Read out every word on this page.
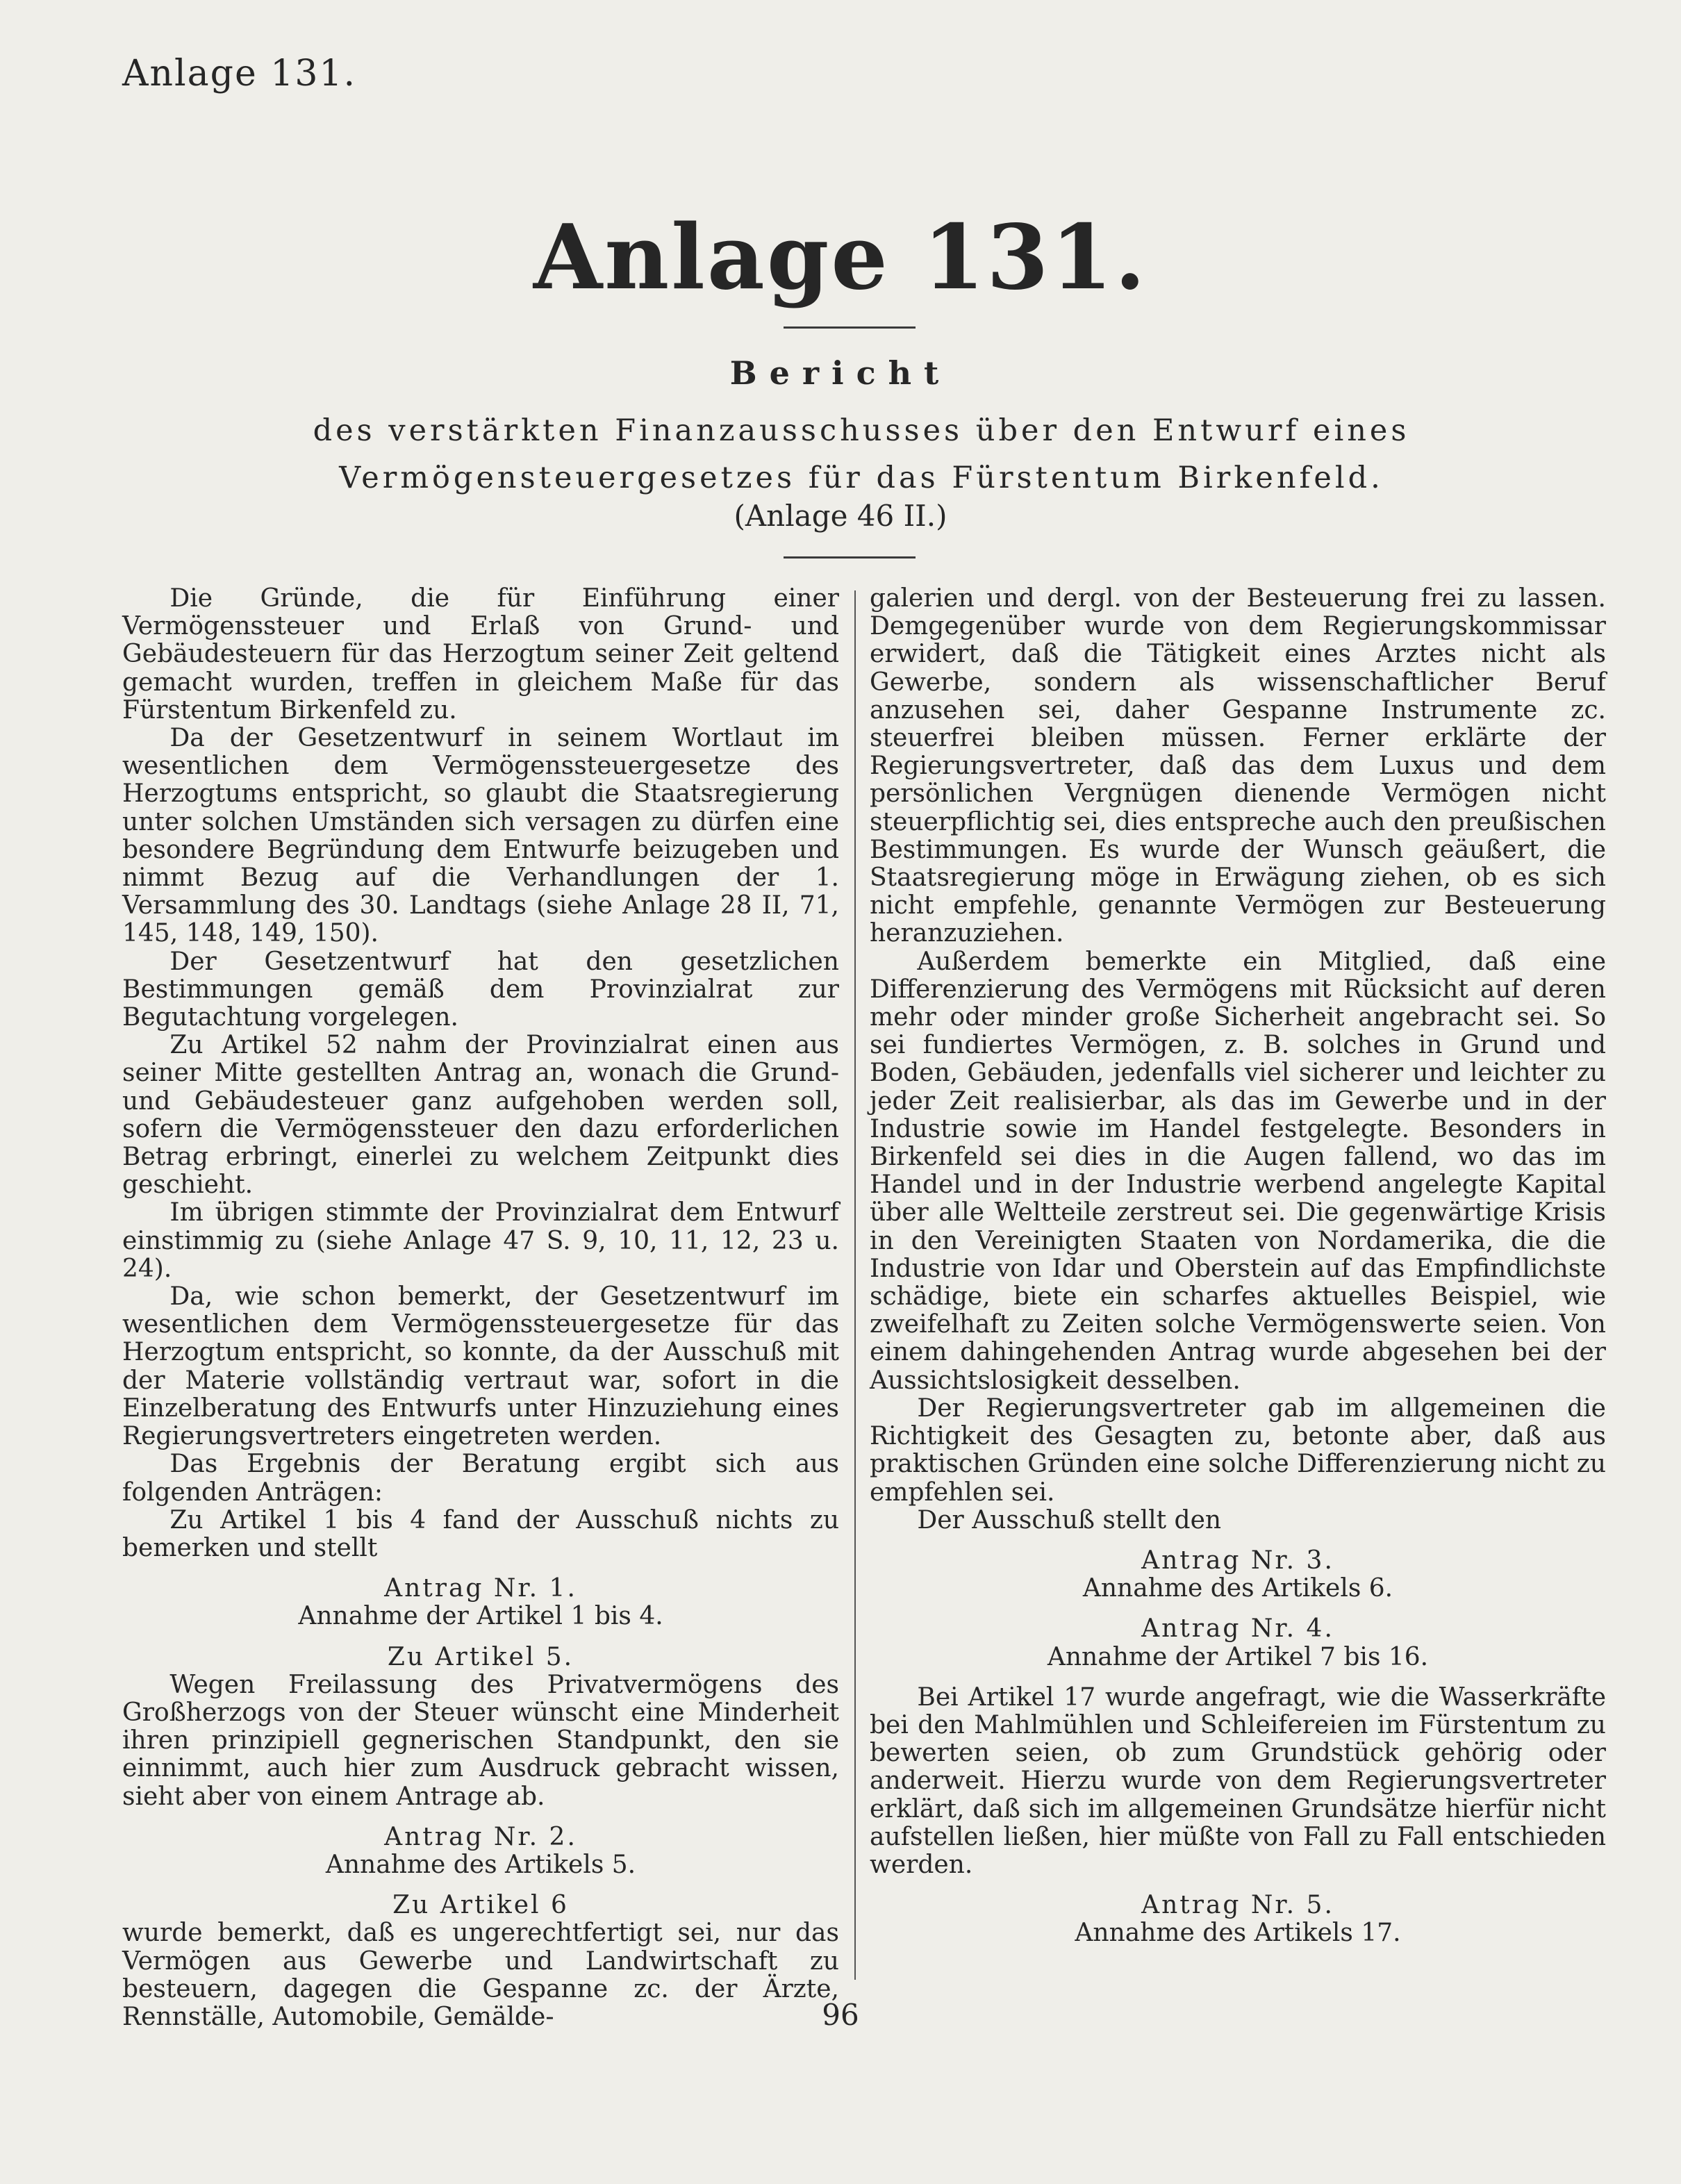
Anlage 131.
Anlage 131.
Bericht
des verstärkten Finanzausschusses über den Entwurf eines Vermögensteuergesetzes für das Fürstentum Birkenfeld.
(Anlage 46 II.)

Die Gründe, die für Einführung einer Vermögenssteuer und Erlaß von Grund- und Gebäudesteuern für das Herzogtum seiner Zeit geltend gemacht wurden, treffen in gleichem Maße für das Fürstentum Birkenfeld zu.

Da der Gesetzentwurf in seinem Wortlaut im wesentlichen dem Vermögenssteuergesetze des Herzogtums entspricht, so glaubt die Staatsregierung unter solchen Umständen sich versagen zu dürfen eine besondere Begründung dem Entwurfe beizugeben und nimmt Bezug auf die Verhandlungen der 1. Versammlung des 30. Landtags (siehe Anlage 28 II, 71, 145, 148, 149, 150).

Der Gesetzentwurf hat den gesetzlichen Bestimmungen gemäß dem Provinzialrat zur Begutachtung vorgelegen.

Zu Artikel 52 nahm der Provinzialrat einen aus seiner Mitte gestellten Antrag an, wonach die Grund- und Gebäudesteuer ganz aufgehoben werden soll, sofern die Vermögenssteuer den dazu erforderlichen Betrag erbringt, einerlei zu welchem Zeitpunkt dies geschieht.

Im übrigen stimmte der Provinzialrat dem Entwurf einstimmig zu (siehe Anlage 47 S. 9, 10, 11, 12, 23 u. 24).

Da, wie schon bemerkt, der Gesetzentwurf im wesentlichen dem Vermögenssteuergesetze für das Herzogtum entspricht, so konnte, da der Ausschuß mit der Materie vollständig vertraut war, sofort in die Einzelberatung des Entwurfs unter Hinzuziehung eines Regierungsvertreters eingetreten werden.

Das Ergebnis der Beratung ergibt sich aus folgenden Anträgen:

Zu Artikel 1 bis 4 fand der Ausschuß nichts zu bemerken und stellt

Antrag Nr. 1.

Annahme der Artikel 1 bis 4.

Zu Artikel 5.

Wegen Freilassung des Privatvermögens des Großherzogs von der Steuer wünscht eine Minderheit ihren prinzipiell gegnerischen Standpunkt, den sie einnimmt, auch hier zum Ausdruck gebracht wissen, sieht aber von einem Antrage ab.

Antrag Nr. 2.

Annahme des Artikels 5.

Zu Artikel 6

wurde bemerkt, daß es ungerechtfertigt sei, nur das Vermögen aus Gewerbe und Landwirtschaft zu besteuern, dagegen die Gespanne zc. der Ärzte, Rennställe, Automobile, Gemälde-

galerien und dergl. von der Besteuerung frei zu lassen. Demgegenüber wurde von dem Regierungskommissar erwidert, daß die Tätigkeit eines Arztes nicht als Gewerbe, sondern als wissenschaftlicher Beruf anzusehen sei, daher Gespanne Instrumente zc. steuerfrei bleiben müssen. Ferner erklärte der Regierungsvertreter, daß das dem Luxus und dem persönlichen Vergnügen dienende Vermögen nicht steuerpflichtig sei, dies entspreche auch den preußischen Bestimmungen. Es wurde der Wunsch geäußert, die Staatsregierung möge in Erwägung ziehen, ob es sich nicht empfehle, genannte Vermögen zur Besteuerung heranzuziehen.

Außerdem bemerkte ein Mitglied, daß eine Differenzierung des Vermögens mit Rücksicht auf deren mehr oder minder große Sicherheit angebracht sei. So sei fundiertes Vermögen, z. B. solches in Grund und Boden, Gebäuden, jedenfalls viel sicherer und leichter zu jeder Zeit realisierbar, als das im Gewerbe und in der Industrie sowie im Handel festgelegte. Besonders in Birkenfeld sei dies in die Augen fallend, wo das im Handel und in der Industrie werbend angelegte Kapital über alle Weltteile zerstreut sei. Die gegenwärtige Krisis in den Vereinigten Staaten von Nordamerika, die die Industrie von Idar und Oberstein auf das Empfindlichste schädige, biete ein scharfes aktuelles Beispiel, wie zweifelhaft zu Zeiten solche Vermögenswerte seien. Von einem dahingehenden Antrag wurde abgesehen bei der Aussichtslosigkeit desselben.

Der Regierungsvertreter gab im allgemeinen die Richtigkeit des Gesagten zu, betonte aber, daß aus praktischen Gründen eine solche Differenzierung nicht zu empfehlen sei.

Der Ausschuß stellt den

Antrag Nr. 3.

Annahme des Artikels 6.

Antrag Nr. 4.

Annahme der Artikel 7 bis 16.

Bei Artikel 17 wurde angefragt, wie die Wasserkräfte bei den Mahlmühlen und Schleifereien im Fürstentum zu bewerten seien, ob zum Grundstück gehörig oder anderweit. Hierzu wurde von dem Regierungsvertreter erklärt, daß sich im allgemeinen Grundsätze hierfür nicht aufstellen ließen, hier müßte von Fall zu Fall entschieden werden.

Antrag Nr. 5.

Annahme des Artikels 17.

96
